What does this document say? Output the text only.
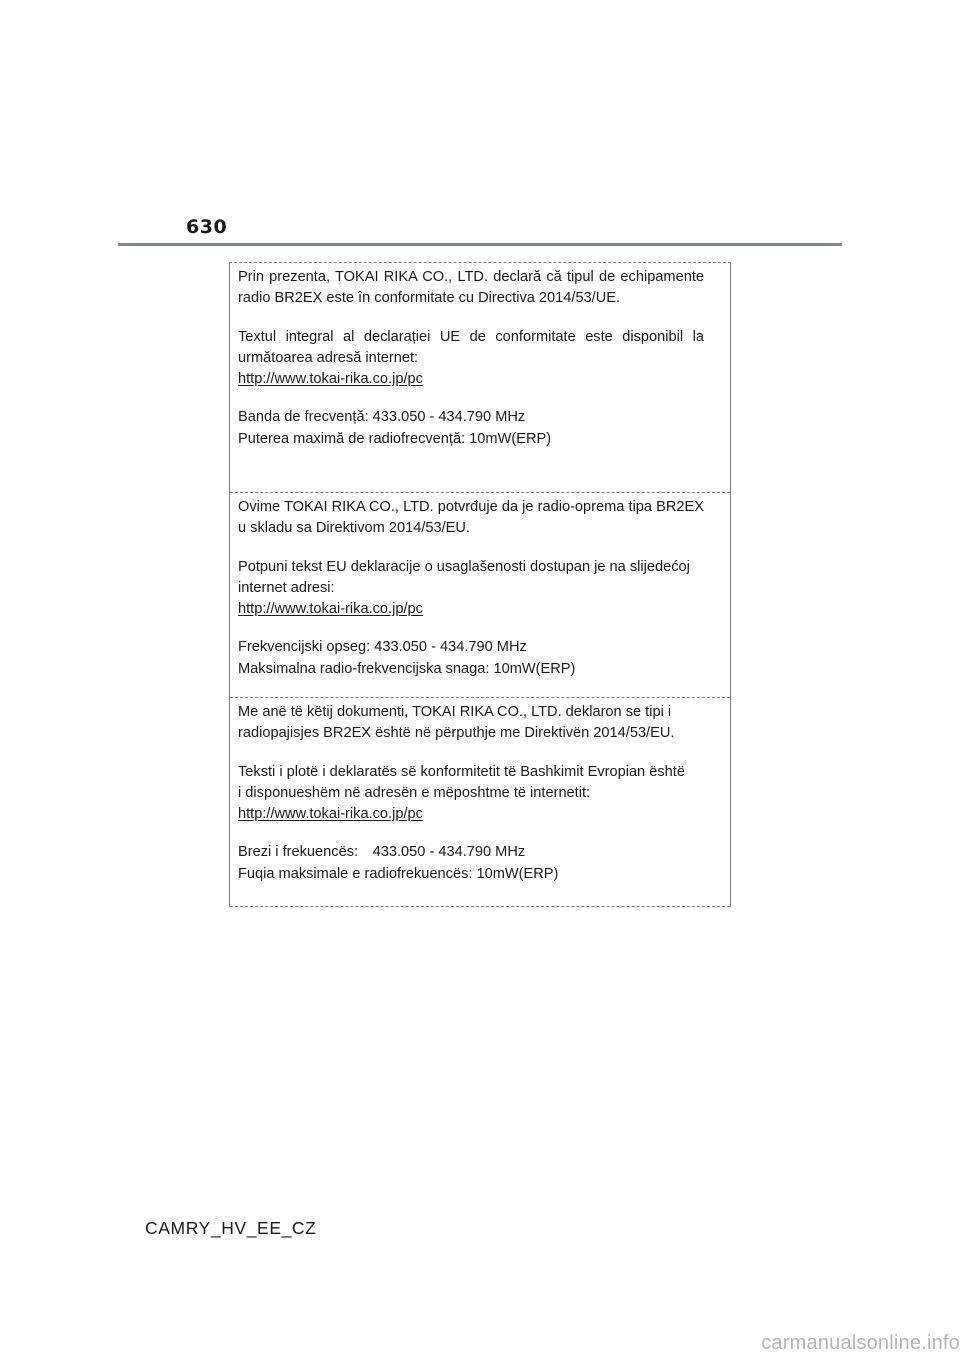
630

Prin prezenta, TOKAI RIKA CO., LTD. declară că tipul de echipamente radio BR2EX este în conformitate cu Directiva 2014/53/UE.

Textul integral al declarației UE de conformitate este disponibil la
următoarea adresă internet:
http://www.tokai-rika.co.jp/pc

Banda de frecvență: 433.050 - 434.790 MHz
Puterea maximă de radiofrecvență: 10mW(ERP)

Ovime TOKAI RIKA CO., LTD. potvrđuje da je radio-oprema tipa BR2EX u skladu sa Direktivom 2014/53/EU.

Potpuni tekst EU deklaracije o usaglašenosti dostupan je na slijedećoj
internet adresi:
http://www.tokai-rika.co.jp/pc

Frekvencijski opseg: 433.050 - 434.790 MHz
Maksimalna radio-frekvencijska snaga: 10mW(ERP)

Me anë të këtij dokumenti, TOKAI RIKA CO., LTD. deklaron se tipi i
radiopajisjes BR2EX është në përputhje me Direktivën 2014/53/EU.

Teksti i plotë i deklaratës së konformitetit të Bashkimit Evropian është
i disponueshëm në adresën e mëposhtme të internetit:
http://www.tokai-rika.co.jp/pc

Brezi i frekuencës:　433.050 - 434.790 MHz
Fuqia maksimale e radiofrekuencës: 10mW(ERP)

CAMRY_HV_EE_CZ
carmanualsonline.info
